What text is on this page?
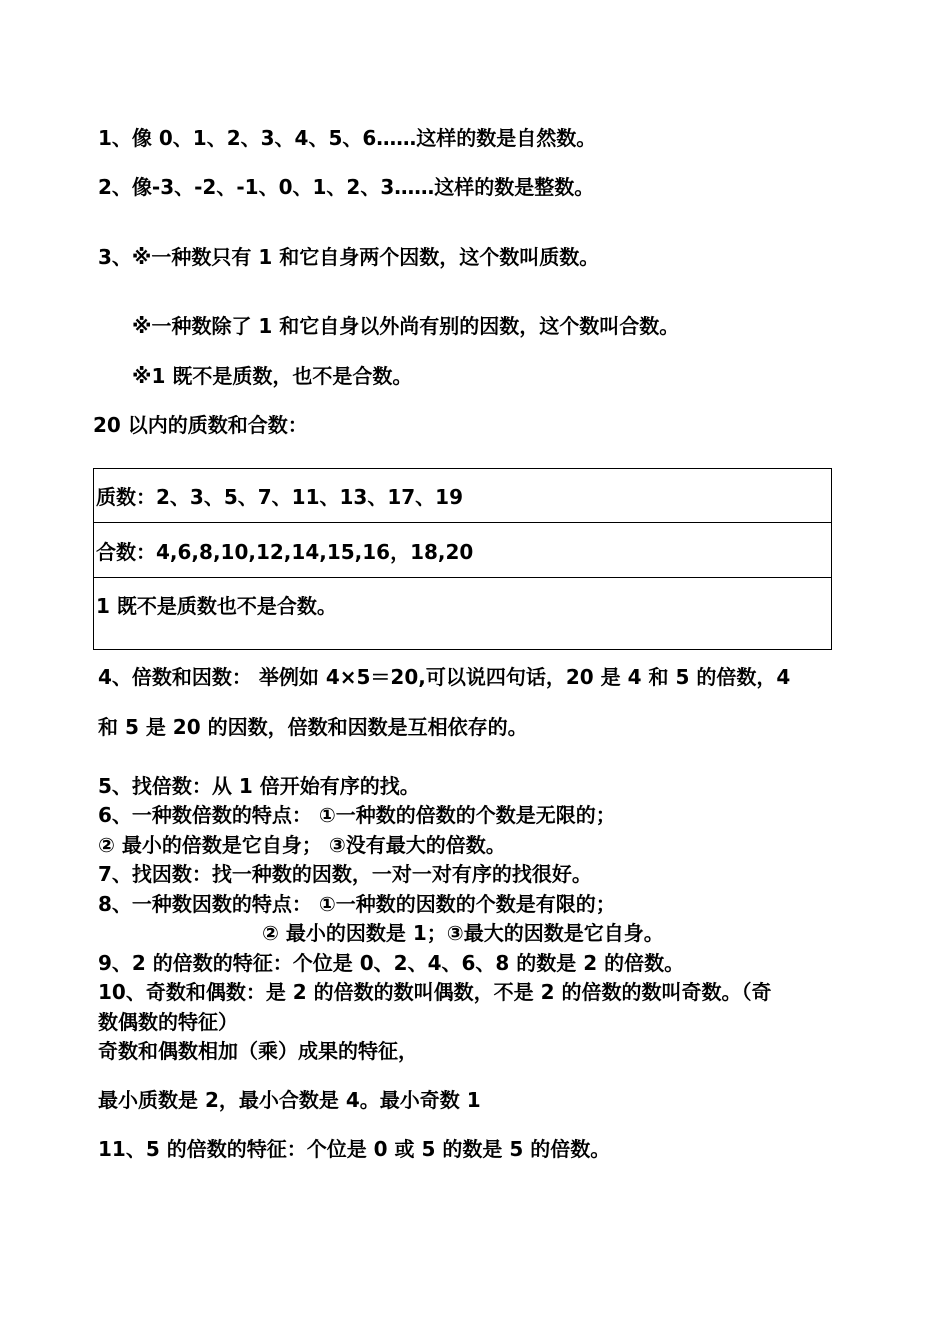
1、像 0、1、2、3、4、5、6……这样的数是自然数。
2、像-3、-2、-1、0、1、2、3……这样的数是整数。
3、※一种数只有 1 和它自身两个因数，这个数叫质数。
※一种数除了 1 和它自身以外尚有别的因数，这个数叫合数。
※1 既不是质数，也不是合数。
20 以内的质数和合数：
质数：2、3、5、7、11、13、17、19
合数：4,6,8,10,12,14,15,16，18,20
1 既不是质数也不是合数。
4、倍数和因数： 举例如 4×5＝20,可以说四句话，20 是 4 和 5 的倍数，4
和 5 是 20 的因数，倍数和因数是互相依存的。
5、找倍数：从 1 倍开始有序的找。
6、一种数倍数的特点： ①一种数的倍数的个数是无限的；
② 最小的倍数是它自身； ③没有最大的倍数。
7、找因数：找一种数的因数，一对一对有序的找很好。
8、一种数因数的特点： ①一种数的因数的个数是有限的；
② 最小的因数是 1；③最大的因数是它自身。
9、2 的倍数的特征：个位是 0、2、4、6、8 的数是 2 的倍数。
10、奇数和偶数：是 2 的倍数的数叫偶数，不是 2 的倍数的数叫奇数。（奇
数偶数的特征）
奇数和偶数相加（乘）成果的特征，
最小质数是 2，最小合数是 4。最小奇数 1
11、5 的倍数的特征：个位是 0 或 5 的数是 5 的倍数。
